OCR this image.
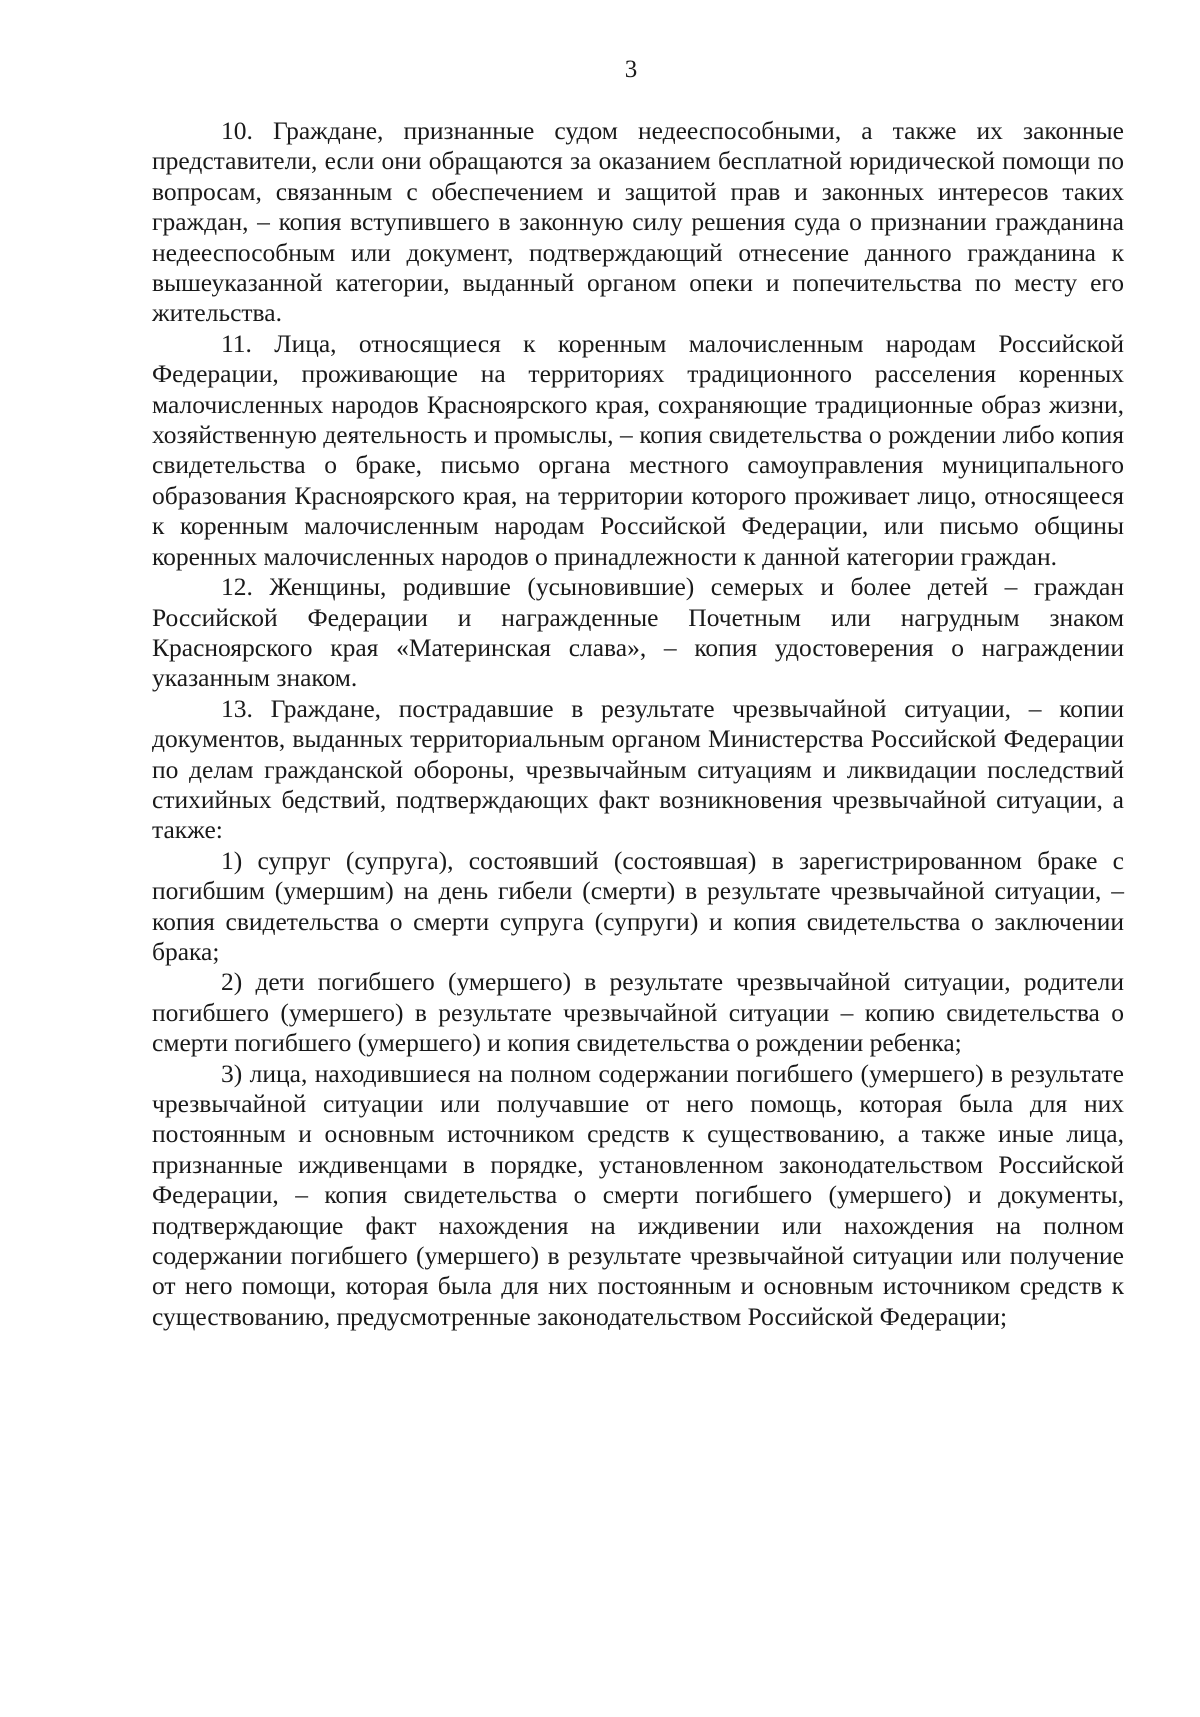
3

10. Граждане, признанные судом недееспособными, а также их законные представители, если они обращаются за оказанием бесплатной юридической помощи по вопросам, связанным с обеспечением и защитой прав и законных интересов таких граждан, – копия вступившего в законную силу решения суда о признании гражданина недееспособным или документ, подтверждающий отнесение данного гражданина к вышеуказанной категории, выданный органом опеки и попечительства по месту его жительства.

11. Лица, относящиеся к коренным малочисленным народам Российской Федерации, проживающие на территориях традиционного расселения коренных малочисленных народов Красноярского края, сохраняющие традиционные образ жизни, хозяйственную деятельность и промыслы, – копия свидетельства о рождении либо копия свидетельства о браке, письмо органа местного самоуправления муниципального образования Красноярского края, на территории которого проживает лицо, относящееся к коренным малочисленным народам Российской Федерации, или письмо общины коренных малочисленных народов о принадлежности к данной категории граждан.

12. Женщины, родившие (усыновившие) семерых и более детей – граждан Российской Федерации и награжденные Почетным или нагрудным знаком Красноярского края «Материнская слава», – копия удостоверения о награждении указанным знаком.

13. Граждане, пострадавшие в результате чрезвычайной ситуации, – копии документов, выданных территориальным органом Министерства Российской Федерации по делам гражданской обороны, чрезвычайным ситуациям и ликвидации последствий стихийных бедствий, подтверждающих факт возникновения чрезвычайной ситуации, а также:

1) супруг (супруга), состоявший (состоявшая) в зарегистрированном браке с погибшим (умершим) на день гибели (смерти) в результате чрезвычайной ситуации, – копия свидетельства о смерти супруга (супруги) и копия свидетельства о заключении брака;

2) дети погибшего (умершего) в результате чрезвычайной ситуации, родители погибшего (умершего) в результате чрезвычайной ситуации – копию свидетельства о смерти погибшего (умершего) и копия свидетельства о рождении ребенка;

3) лица, находившиеся на полном содержании погибшего (умершего) в результате чрезвычайной ситуации или получавшие от него помощь, которая была для них постоянным и основным источником средств к существованию, а также иные лица, признанные иждивенцами в порядке, установленном законодательством Российской Федерации, – копия свидетельства о смерти погибшего (умершего) и документы, подтверждающие факт нахождения на иждивении или нахождения на полном содержании погибшего (умершего) в результате чрезвычайной ситуации или получение от него помощи, которая была для них постоянным и основным источником средств к существованию, предусмотренные законодательством Российской Федерации;
